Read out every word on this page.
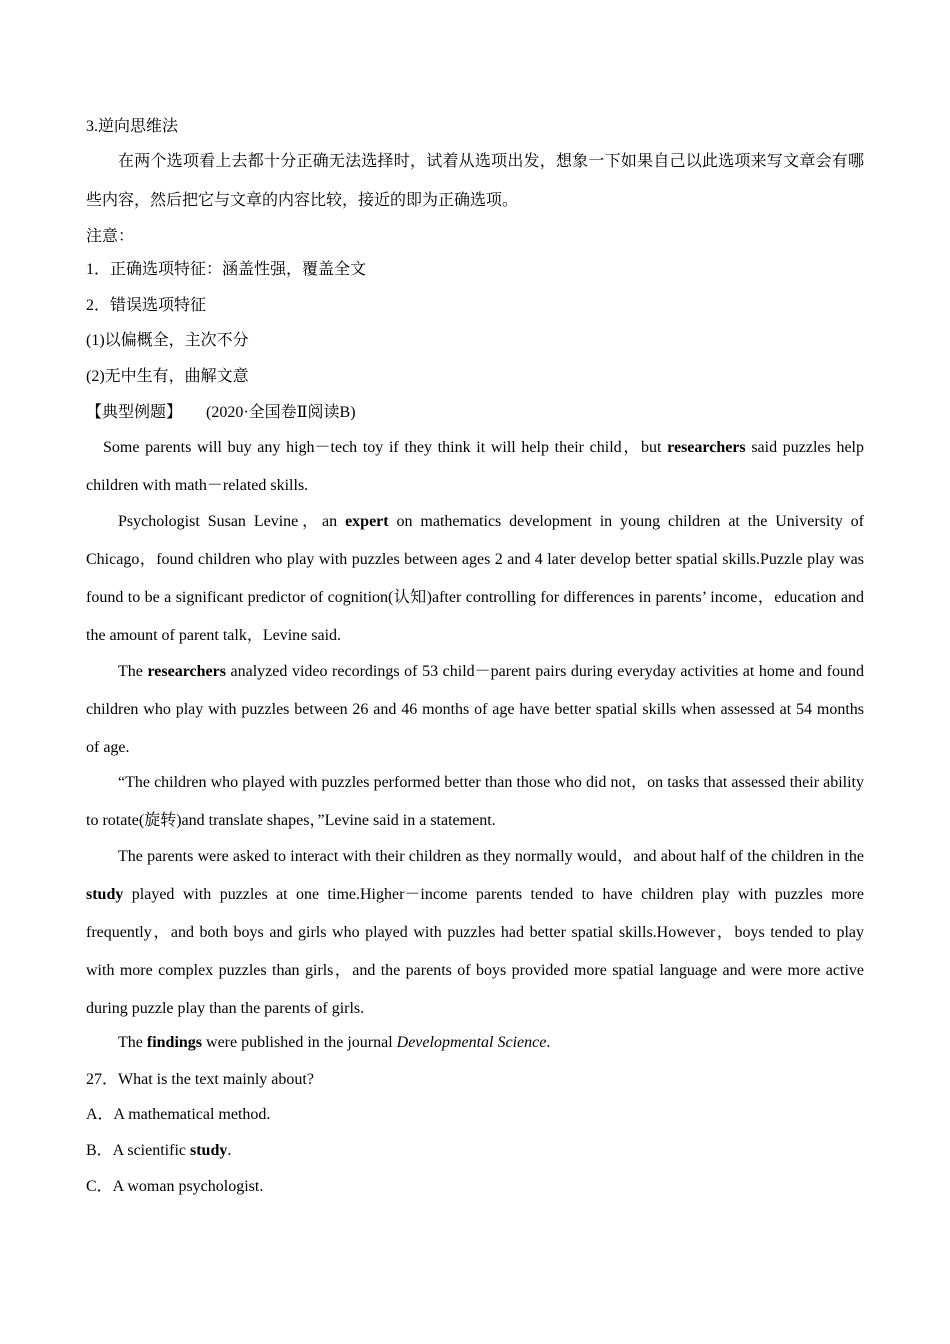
3.逆向思维法
在两个选项看上去都十分正确无法选择时，试着从选项出发，想象一下如果自己以此选项来写文章会有哪些内容，然后把它与文章的内容比较，接近的即为正确选项。
注意：
1．正确选项特征：涵盖性强，覆盖全文
2．错误选项特征
(1)以偏概全，主次不分
(2)无中生有，曲解文意
【典型例题】 (2020·全国卷Ⅱ阅读B)
Some parents will buy any high－tech toy if they think it will help their child，but researchers said puzzles help children with math－related skills.
Psychologist Susan Levine，an expert on mathematics development in young children at the University of Chicago，found children who play with puzzles between ages 2 and 4 later develop better spatial skills.Puzzle play was found to be a significant predictor of cognition(认知)after controlling for differences in parents’ income，education and the amount of parent talk，Levine said.
The researchers analyzed video recordings of 53 child－parent pairs during everyday activities at home and found children who play with puzzles between 26 and 46 months of age have better spatial skills when assessed at 54 months of age.
“The children who played with puzzles performed better than those who did not，on tasks that assessed their ability to rotate(旋转)and translate shapes，”Levine said in a statement.
The parents were asked to interact with their children as they normally would，and about half of the children in the study played with puzzles at one time.Higher－income parents tended to have children play with puzzles more frequently，and both boys and girls who played with puzzles had better spatial skills.However，boys tended to play with more complex puzzles than girls，and the parents of boys provided more spatial language and were more active during puzzle play than the parents of girls.
The findings were published in the journal Developmental Science.
27．What is the text mainly about?
A．A mathematical method.
B．A scientific study.
C．A woman psychologist.
